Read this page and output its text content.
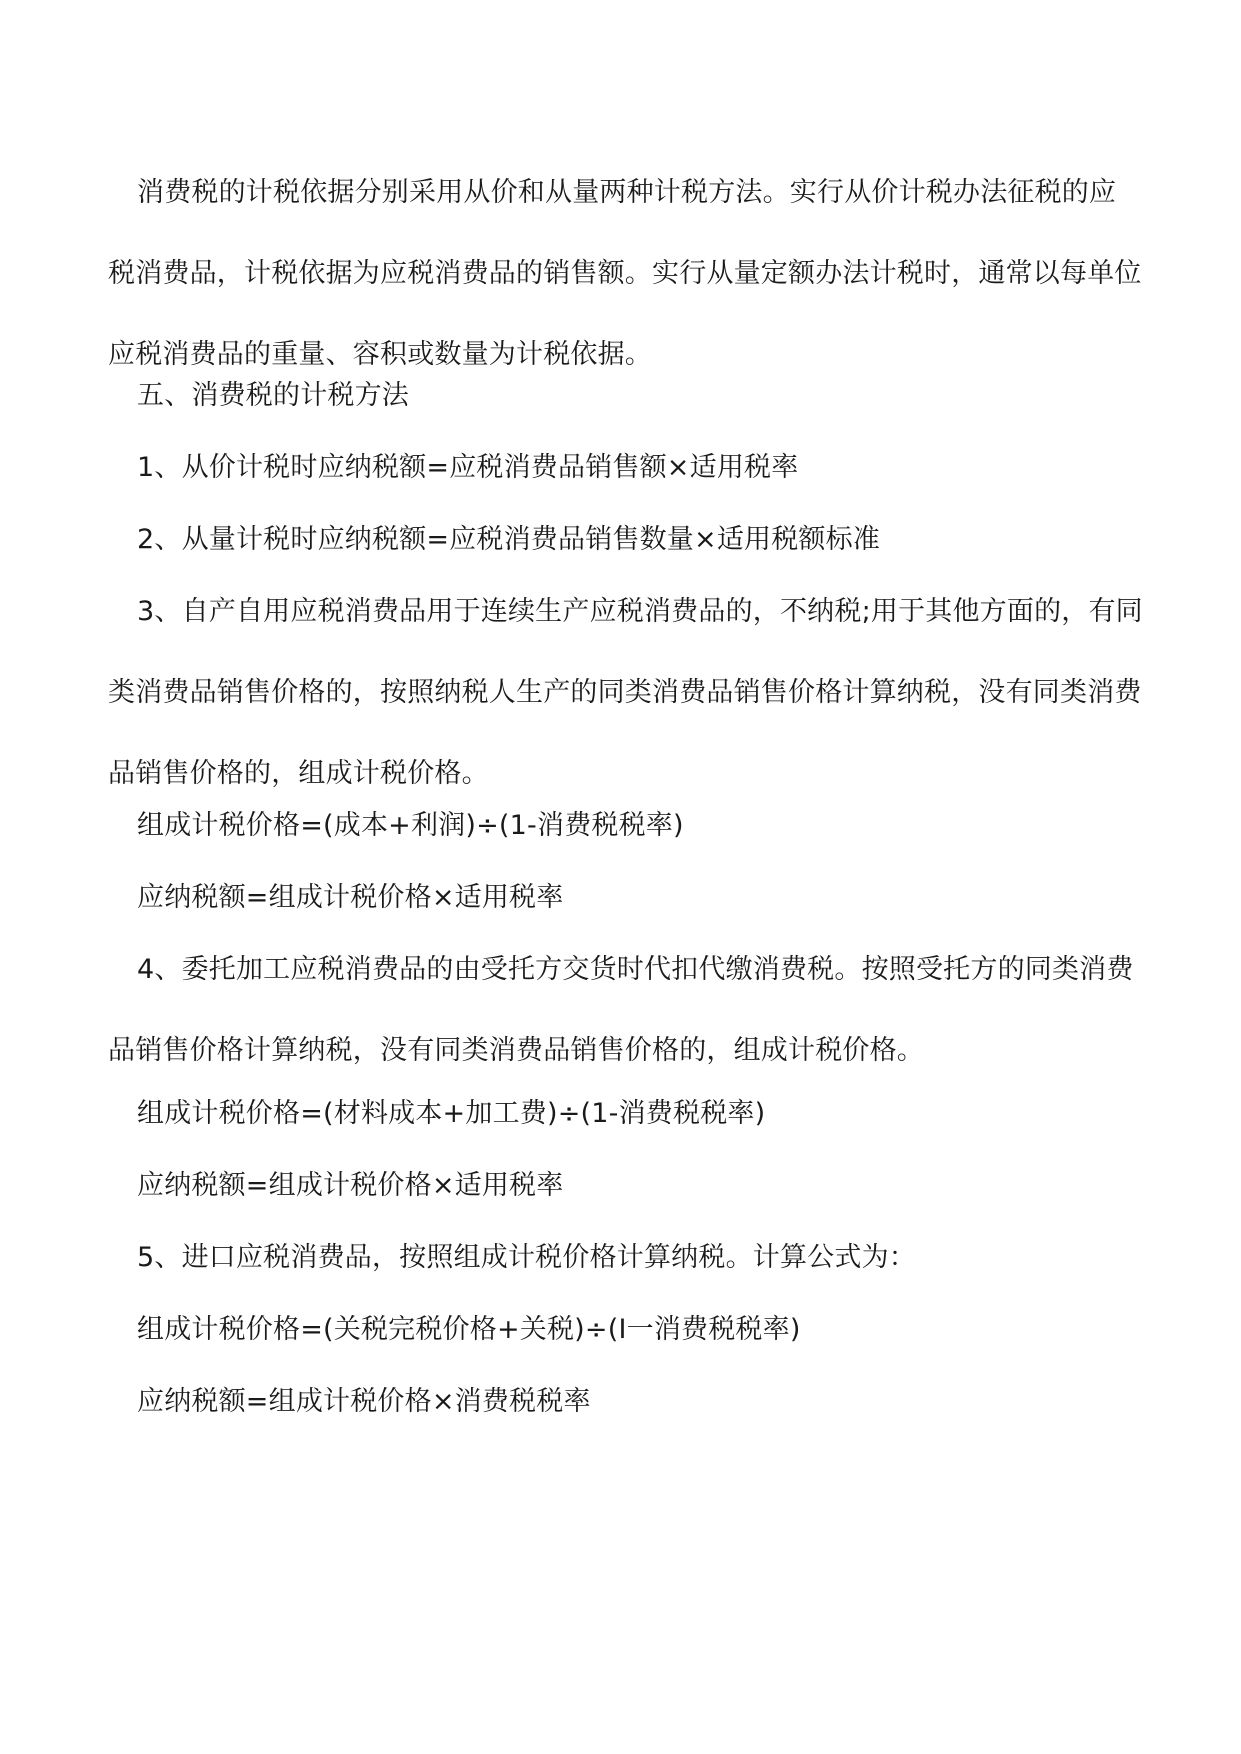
消费税的计税依据分别采用从价和从量两种计税方法。实行从价计税办法征税的应税消费品，计税依据为应税消费品的销售额。实行从量定额办法计税时，通常以每单位应税消费品的重量、容积或数量为计税依据。

五、消费税的计税方法

1、从价计税时应纳税额=应税消费品销售额×适用税率

2、从量计税时应纳税额=应税消费品销售数量×适用税额标准

3、自产自用应税消费品用于连续生产应税消费品的，不纳税;用于其他方面的，有同类消费品销售价格的，按照纳税人生产的同类消费品销售价格计算纳税，没有同类消费品销售价格的，组成计税价格。

组成计税价格=(成本+利润)÷(1-消费税税率)

应纳税额=组成计税价格×适用税率

4、委托加工应税消费品的由受托方交货时代扣代缴消费税。按照受托方的同类消费品销售价格计算纳税，没有同类消费品销售价格的，组成计税价格。

组成计税价格=(材料成本+加工费)÷(1-消费税税率)

应纳税额=组成计税价格×适用税率

5、进口应税消费品，按照组成计税价格计算纳税。计算公式为：

组成计税价格=(关税完税价格+关税)÷(Ⅰ一消费税税率)

应纳税额=组成计税价格×消费税税率
